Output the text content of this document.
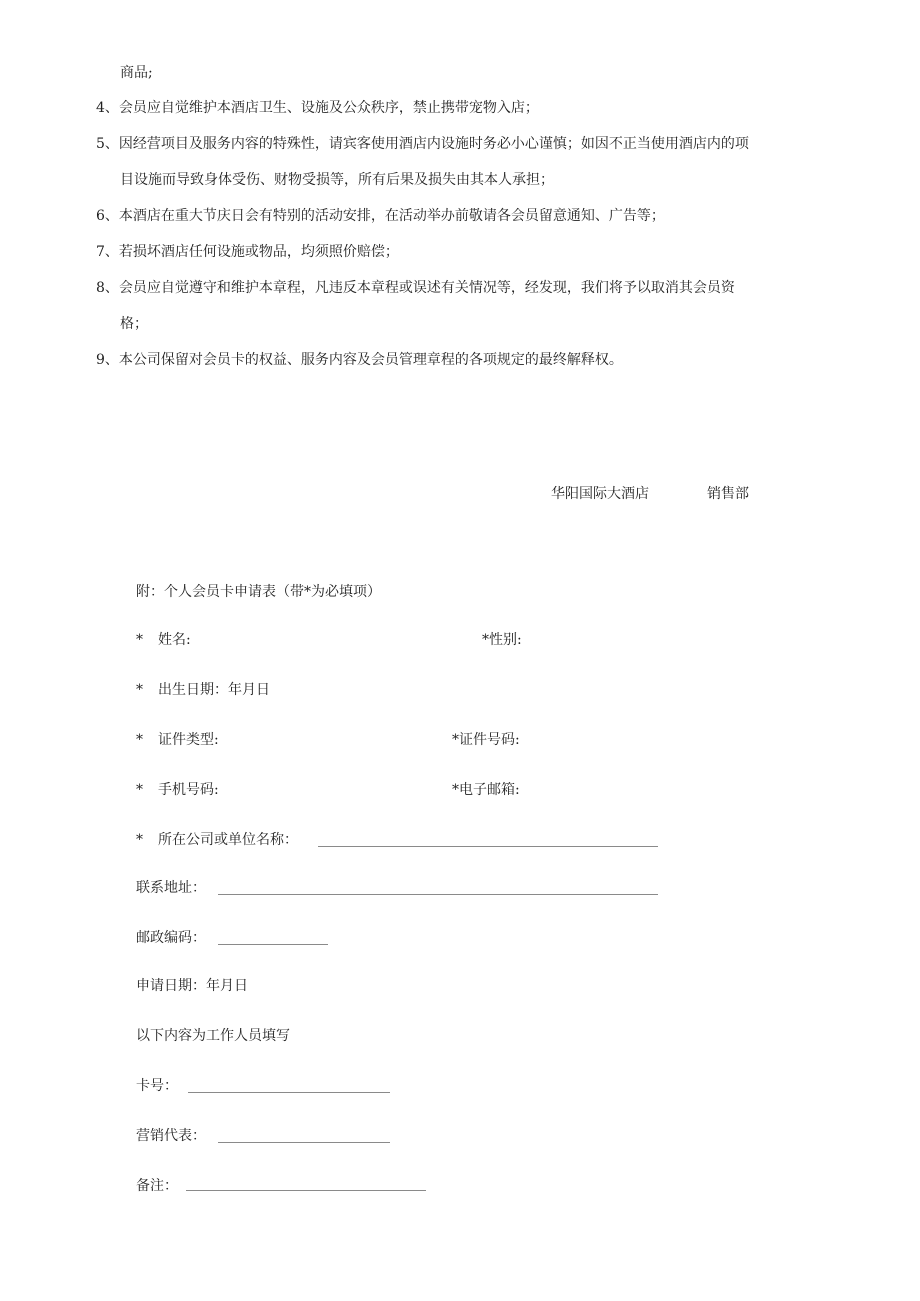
商品;
4、会员应自觉维护本酒店卫生、设施及公众秩序，禁止携带宠物入店；
5、因经营项目及服务内容的特殊性，请宾客使用酒店内设施时务必小心谨慎；如因不正当使用酒店内的项
目设施而导致身体受伤、财物受损等，所有后果及损失由其本人承担；
6、本酒店在重大节庆日会有特别的活动安排，在活动举办前敬请各会员留意通知、广告等；
7、若损坏酒店任何设施或物品，均须照价赔偿；
8、会员应自觉遵守和维护本章程，凡违反本章程或误述有关情况等，经发现，我们将予以取消其会员资
格；
9、本公司保留对会员卡的权益、服务内容及会员管理章程的各项规定的最终解释权。
华阳国际大酒店	销售部
附：个人会员卡申请表（带*为必填项）
* 姓名:	*性别:
* 出生日期：年月日
* 证件类型:	*证件号码:
* 手机号码:	*电子邮箱:
* 所在公司或单位名称：
联系地址：
邮政编码：
申请日期：年月日
以下内容为工作人员填写
卡号：
营销代表：
备注：
